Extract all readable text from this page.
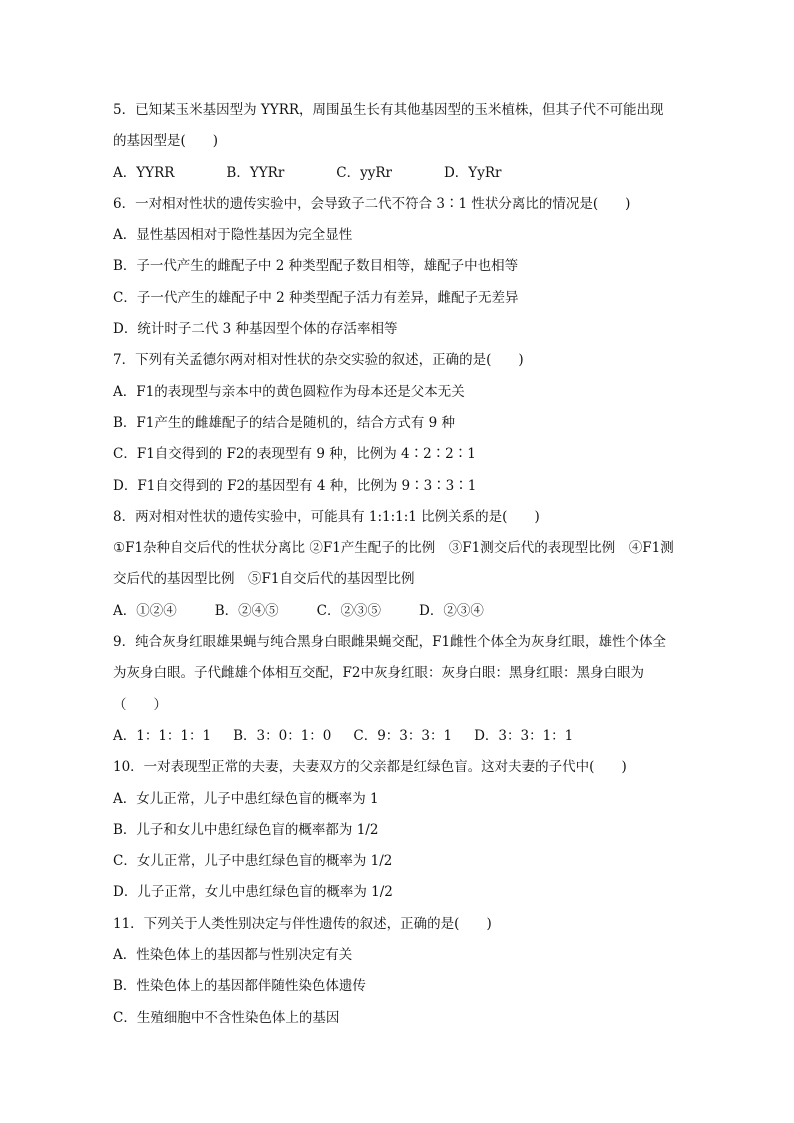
5．已知某玉米基因型为 YYRR，周围虽生长有其他基因型的玉米植株，但其子代不可能出现
的基因型是(　　)
A．YYRR	B．YYRr	C．yyRr	D．YyRr
6．一对相对性状的遗传实验中，会导致子二代不符合 3∶1 性状分离比的情况是(　　)
A．显性基因相对于隐性基因为完全显性
B．子一代产生的雌配子中 2 种类型配子数目相等，雄配子中也相等
C．子一代产生的雄配子中 2 种类型配子活力有差异，雌配子无差异
D．统计时子二代 3 种基因型个体的存活率相等
7．下列有关孟德尔两对相对性状的杂交实验的叙述，正确的是(　　)
A．F1的表现型与亲本中的黄色圆粒作为母本还是父本无关
B．F1产生的雌雄配子的结合是随机的，结合方式有 9 种
C．F1自交得到的 F2的表现型有 9 种，比例为 4∶2∶2∶1
D．F1自交得到的 F2的基因型有 4 种，比例为 9∶3∶3∶1
8．两对相对性状的遗传实验中，可能具有 1:1:1:1 比例关系的是(　　)
①F1杂种自交后代的性状分离比 ②F1产生配子的比例　③F1测交后代的表现型比例　④F1测
交后代的基因型比例　⑤F1自交后代的基因型比例
A．①②④	B．②④⑤	C．②③⑤	D．②③④
9．纯合灰身红眼雄果蝇与纯合黑身白眼雌果蝇交配，F1雌性个体全为灰身红眼，雄性个体全
为灰身白眼。子代雌雄个体相互交配，F2中灰身红眼：灰身白眼：黑身红眼：黑身白眼为
（　　）
A．1：1：1：1 B．3：0：1：0 C．9：3：3：1 D．3：3：1：1
10．一对表现型正常的夫妻，夫妻双方的父亲都是红绿色盲。这对夫妻的子代中(　　)
A．女儿正常，儿子中患红绿色盲的概率为 1
B．儿子和女儿中患红绿色盲的概率都为 1/2
C．女儿正常，儿子中患红绿色盲的概率为 1/2
D．儿子正常，女儿中患红绿色盲的概率为 1/2
11．下列关于人类性别决定与伴性遗传的叙述，正确的是(　　)
A．性染色体上的基因都与性别决定有关
B．性染色体上的基因都伴随性染色体遗传
C．生殖细胞中不含性染色体上的基因
